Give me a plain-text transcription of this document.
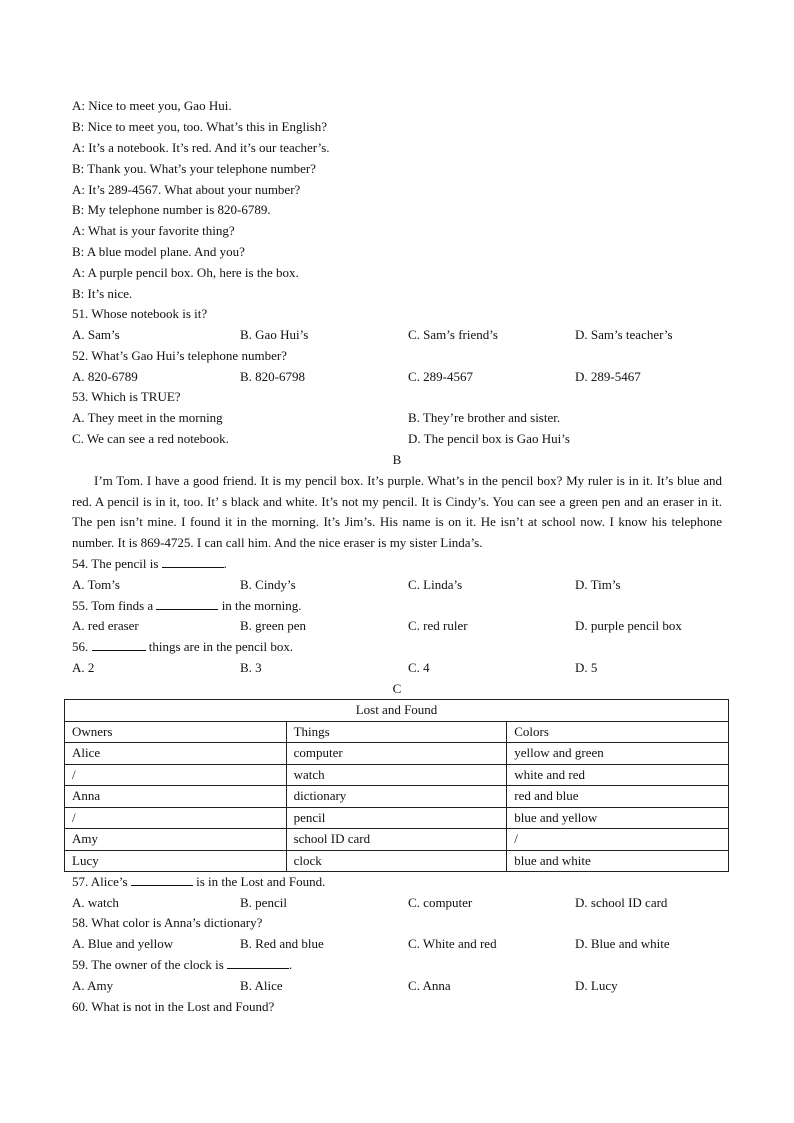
A: Nice to meet you, Gao Hui.
B: Nice to meet you, too. What’s this in English?
A: It’s a notebook. It’s red. And it’s our teacher’s.
B: Thank you. What’s your telephone number?
A: It’s 289-4567. What about your number?
B: My telephone number is 820-6789.
A: What is your favorite thing?
B: A blue model plane. And you?
A: A purple pencil box. Oh, here is the box.
B: It’s nice.
51. Whose notebook is it?
A. Sam’s	B. Gao Hui’s	C. Sam’s friend’s	D. Sam’s teacher’s
52. What’s Gao Hui’s telephone number?
A. 820-6789	B. 820-6798	C. 289-4567	D. 289-5467
53. Which is TRUE?
A. They meet in the morning	B. They’re brother and sister.
C. We can see a red notebook.	D. The pencil box is Gao Hui’s
B
I’m Tom. I have a good friend. It is my pencil box. It’s purple. What’s in the pencil box? My ruler is in it. It’s blue and red. A pencil is in it, too. It’ s black and white. It’s not my pencil. It is Cindy’s. You can see a green pen and an eraser in it. The pen isn’t mine. I found it in the morning. It’s Jim’s. His name is on it. He isn’t at school now. I know his telephone number. It is 869-4725. I can call him. And the nice eraser is my sister Linda’s.
54. The pencil is	.
A. Tom’s	B. Cindy’s	C. Linda’s	D. Tim’s
55. Tom finds a	in the morning.
A. red eraser	B. green pen	C. red ruler	D. purple pencil box
56.	things are in the pencil box.
A. 2	B. 3	C. 4	D. 5
C
Lost and Found		
Owners	Things	Colors
Alice	computer	yellow and green
/	watch	white and red
Anna	dictionary	red and blue
/	pencil	blue and yellow
Amy	school ID card	/
Lucy	clock	blue and white
57. Alice’s	is in the Lost and Found.
A. watch	B. pencil	C. computer	D. school ID card
58. What color is Anna’s dictionary?
A. Blue and yellow	B. Red and blue	C. White and red	D. Blue and white
59. The owner of the clock is	.
A. Amy	B. Alice	C. Anna	D. Lucy
60. What is not in the Lost and Found?
